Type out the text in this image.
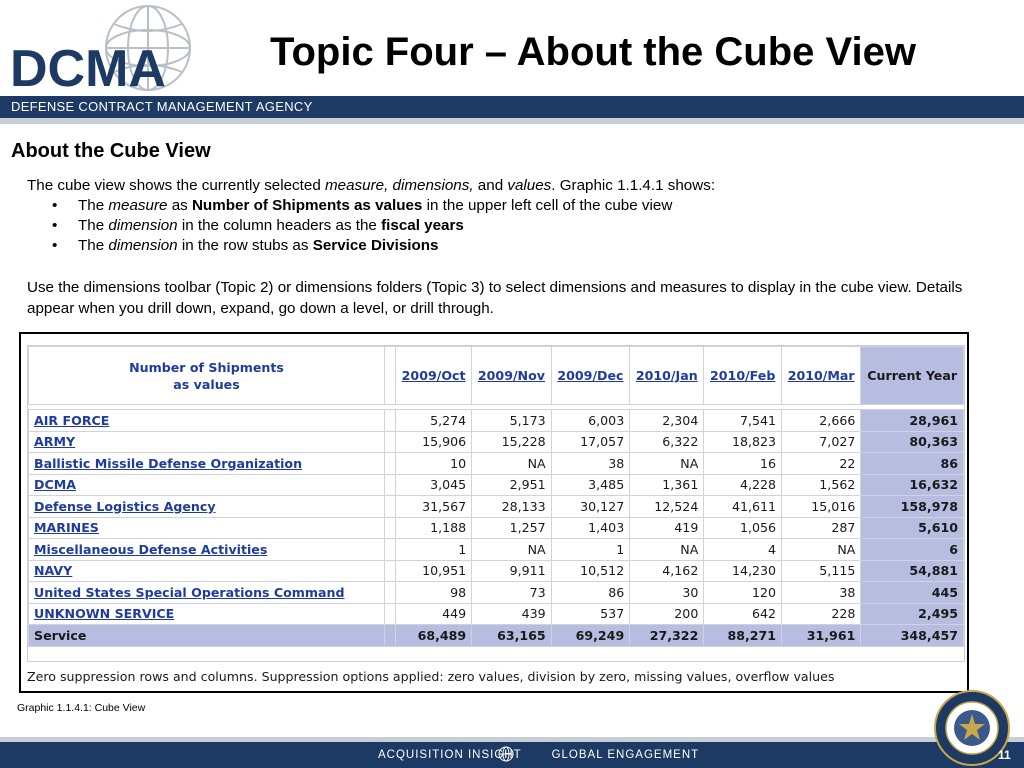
DCMA	Topic Four – About the Cube View
DEFENSE CONTRACT MANAGEMENT AGENCY
About the Cube View
The cube view shows the currently selected measure, dimensions, and values. Graphic 1.1.4.1 shows:
• The measure as Number of Shipments as values in the upper left cell of the cube view
• The dimension in the column headers as the fiscal years
• The dimension in the row stubs as Service Divisions
Use the dimensions toolbar (Topic 2) or dimensions folders (Topic 3) to select dimensions and measures to display in the cube view. Details appear when you drill down, expand, go down a level, or drill through.
Number of Shipments
as values		2009/Oct	2009/Nov	2009/Dec	2010/Jan	2010/Feb	2010/Mar	Current Year

AIR FORCE		5,274	5,173	6,003	2,304	7,541	2,666	28,961
ARMY		15,906	15,228	17,057	6,322	18,823	7,027	80,363
Ballistic Missile Defense Organization		10	NA	38	NA	16	22	86
DCMA		3,045	2,951	3,485	1,361	4,228	1,562	16,632
Defense Logistics Agency		31,567	28,133	30,127	12,524	41,611	15,016	158,978
MARINES		1,188	1,257	1,403	419	1,056	287	5,610
Miscellaneous Defense Activities		1	NA	1	NA	4	NA	6
NAVY		10,951	9,911	10,512	4,162	14,230	5,115	54,881
United States Special Operations Command		98	73	86	30	120	38	445
UNKNOWN SERVICE		449	439	537	200	642	228	2,495
Service		68,489	63,165	69,249	27,322	88,271	31,961	348,457
Zero suppression rows and columns. Suppression options applied: zero values, division by zero, missing values, overflow values
Graphic 1.1.4.1: Cube View
ACQUISITION INSIGHT	GLOBAL ENGAGEMENT	11
